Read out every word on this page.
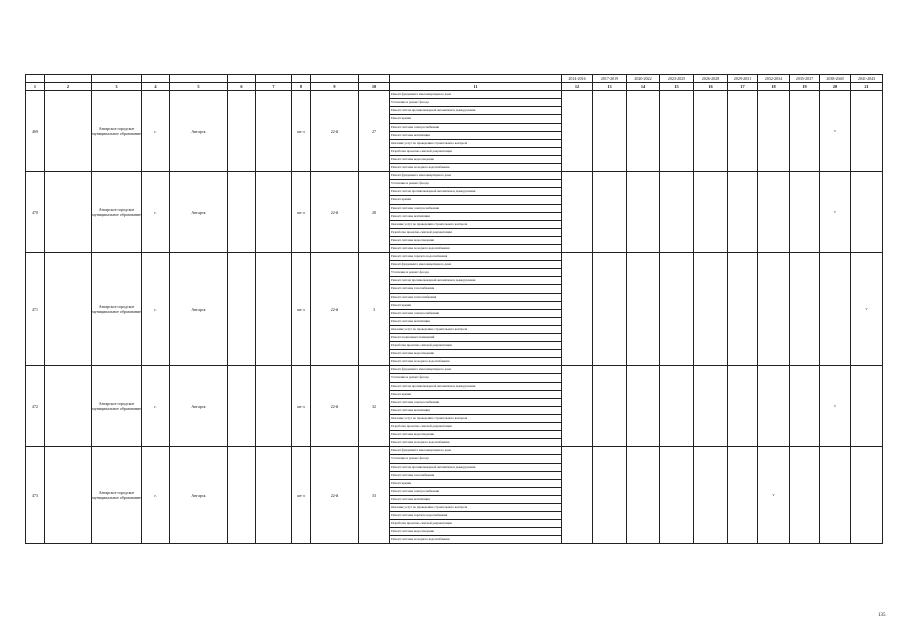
											2014-2016	2017-2019	2020-2022	2023-2025	2026-2028	2029-2031	2032-2034	2035-2037	2038-2040	2041-2043
1	2	3	4	5	6	7	8	9	10	11	12	13	14	15	16	17	18	19	20	21
469		Ангарское городское муниципальное образование	г.	Ангарск			кв-л	22-й	27	Ремонт фундамента многоквартирного дома									V	
										Утепление и ремонт фасада										
										Ремонт систем противопожарной автоматики и дымоудаления										
										Ремонт крыши										
										Ремонт системы электроснабжения										
										Ремонт системы вентиляции										
										Оказание услуг по проведению строительного контроля										
										Разработка проектно-сметной документации										
										Ремонт системы водоотведения										
										Ремонт системы холодного водоснабжения										
470		Ангарское городское муниципальное образование	г.	Ангарск			кв-л	22-й	28	Ремонт фундамента многоквартирного дома									V	
										Утепление и ремонт фасада										
										Ремонт систем противопожарной автоматики и дымоудаления										
										Ремонт крыши										
										Ремонт системы электроснабжения										
										Ремонт системы вентиляции										
										Оказание услуг по проведению строительного контроля										
										Разработка проектно-сметной документации										
										Ремонт системы водоотведения										
										Ремонт системы холодного водоснабжения										
471		Ангарское городское муниципальное образование	г.	Ангарск			кв-л	22-й	3	Ремонт системы горячего водоснабжения										V
										Ремонт фундамента многоквартирного дома										
										Утепление и ремонт фасада										
										Ремонт систем противопожарной автоматики и дымоудаления										
										Ремонт системы газоснабжения										
										Ремонт системы теплоснабжения										
										Ремонт крыши										
										Ремонт системы электроснабжения										
										Ремонт системы вентиляции										
										Оказание услуг по проведению строительного контроля										
										Ремонт подвальных помещений										
										Разработка проектно-сметной документации										
										Ремонт системы водоотведения										
										Ремонт системы холодного водоснабжения										
472		Ангарское городское муниципальное образование	г.	Ангарск			кв-л	22-й	32	Ремонт фундамента многоквартирного дома									V	
										Утепление и ремонт фасада										
										Ремонт систем противопожарной автоматики и дымоудаления										
										Ремонт крыши										
										Ремонт системы электроснабжения										
										Ремонт системы вентиляции										
										Оказание услуг по проведению строительного контроля										
										Разработка проектно-сметной документации										
										Ремонт системы водоотведения										
										Ремонт системы холодного водоснабжения										
473		Ангарское городское муниципальное образование	г.	Ангарск			кв-л	22-й	33	Ремонт фундамента многоквартирного дома							V			
										Утепление и ремонт фасада										
										Ремонт систем противопожарной автоматики и дымоудаления										
										Ремонт системы газоснабжения										
										Ремонт крыши										
										Ремонт системы электроснабжения										
										Ремонт системы вентиляции										
										Оказание услуг по проведению строительного контроля										
										Ремонт системы горячего водоснабжения										
										Разработка проектно-сметной документации										
										Ремонт системы водоотведения										
										Ремонт системы холодного водоснабжения										
135
